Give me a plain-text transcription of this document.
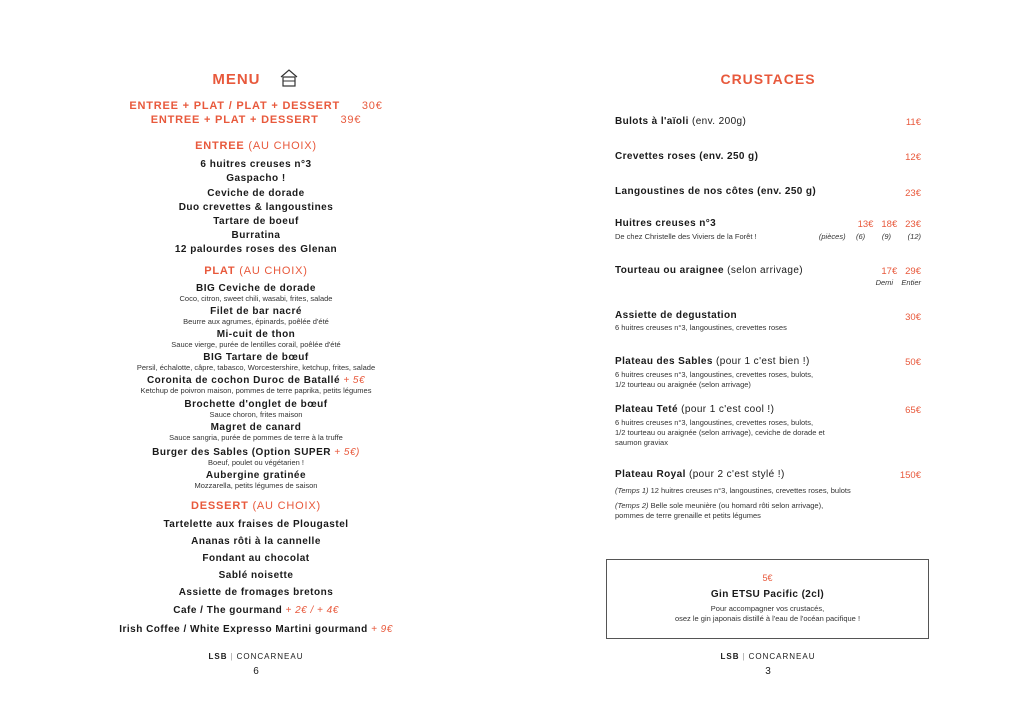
MENU
ENTREE + PLAT / PLAT + DESSERT 30€
ENTREE + PLAT + DESSERT 39€
ENTREE (AU CHOIX)
6 huitres creuses n°3
Gaspacho !
Ceviche de dorade
Duo crevettes & langoustines
Tartare de boeuf
Burratina
12 palourdes roses des Glenan
PLAT (AU CHOIX)
BIG Ceviche de dorade
Coco, citron, sweet chili, wasabi, frites, salade
Filet de bar nacré
Beurre aux agrumes, épinards, poêlée d'été
Mi-cuit de thon
Sauce vierge, purée de lentilles corail, poêlée d'été
BIG Tartare de bœuf
Persil, échalotte, câpre, tabasco, Worcestershire, ketchup, frites, salade
Coronita de cochon Duroc de Batallé + 5€
Ketchup de poivron maison, pommes de terre paprika, petits légumes
Brochette d'onglet de bœuf
Sauce choron, frites maison
Magret de canard
Sauce sangria, purée de pommes de terre à la truffe
Burger des Sables (Option SUPER + 5€)
Boeuf, poulet ou végétarien !
Aubergine gratinée
Mozzarella, petits légumes de saison
DESSERT (AU CHOIX)
Tartelette aux fraises de Plougastel
Ananas rôti à la cannelle
Fondant au chocolat
Sablé noisette
Assiette de fromages bretons
Cafe / The gourmand + 2€ / + 4€
Irish Coffee / White Expresso Martini gourmand + 9€
LSB | CONCARNEAU
6
CRUSTACES
Bulots à l'aïoli (env. 200g)	11€
Crevettes roses (env. 250 g)	12€
Langoustines de nos côtes (env. 250 g)	23€
Huitres creuses n°3	13€   18€   23€
De chez Christelle des Viviers de la Forêt !	(pièces)     (6)        (9)        (12)
Tourteau ou araignee (selon arrivage)	17€   29€
Demi    Entier
Assiette de degustation	30€
6 huitres creuses n°3, langoustines, crevettes roses
Plateau des Sables (pour 1 c'est bien !)	50€
6 huitres creuses n°3, langoustines, crevettes roses, bulots,
1/2 tourteau ou araignée (selon arrivage)
Plateau Teté (pour 1 c'est cool !)	65€
6 huitres creuses n°3, langoustines, crevettes roses, bulots,
1/2 tourteau ou araignée (selon arrivage), ceviche de dorade et
saumon graviax
Plateau Royal (pour 2 c'est stylé !)	150€
(Temps 1) 12 huitres creuses n°3, langoustines, crevettes roses, bulots
(Temps 2) Belle sole meunière (ou homard rôti selon arrivage),
pommes de terre grenaille et petits légumes
5€
Gin ETSU Pacific (2cl)
Pour accompagner vos crustacés,
osez le gin japonais distillé à l'eau de l'océan pacifique !
LSB | CONCARNEAU
3
